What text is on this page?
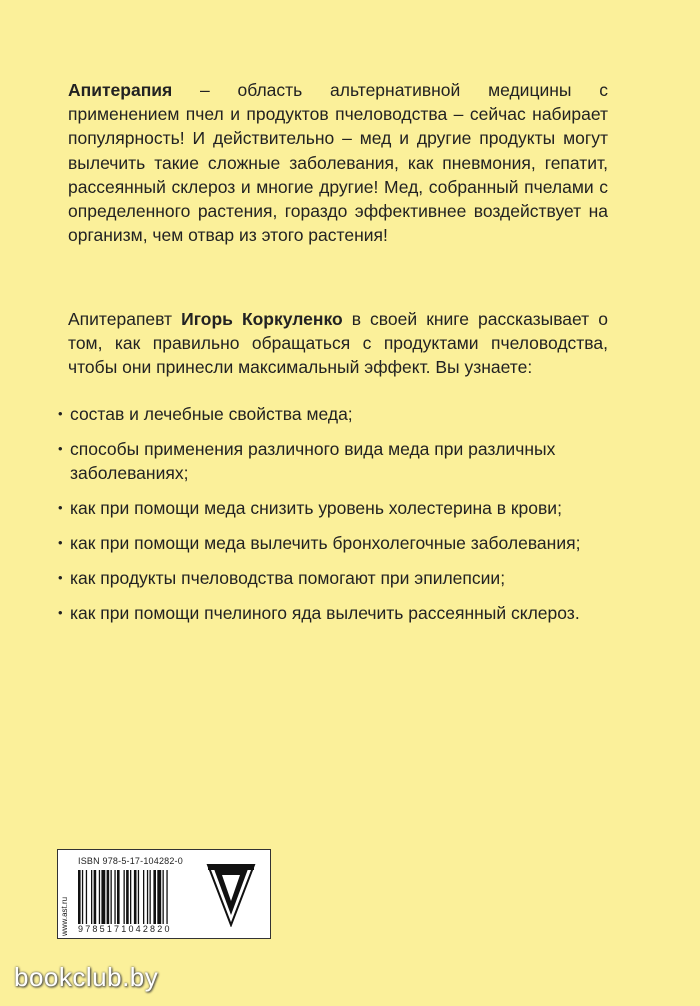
Апитерапия – область альтернативной медицины с применением пчел и продуктов пчеловодства – сейчас набирает популярность! И действительно – мед и другие продукты могут вылечить такие сложные заболевания, как пневмония, гепатит, рассеянный склероз и многие другие! Мед, собранный пчелами с определенного растения, гораздо эффективнее воздействует на организм, чем отвар из этого растения!

Апитерапевт Игорь Коркуленко в своей книге рассказывает о том, как правильно обращаться с продуктами пчеловодства, чтобы они принесли максимальный эффект. Вы узнаете:

• состав и лечебные свойства меда;
• способы применения различного вида меда при различных заболеваниях;
• как при помощи меда снизить уровень холестерина в крови;
• как при помощи меда вылечить бронхолегочные заболевания;
• как продукты пчеловодства помогают при эпилепсии;
• как при помощи пчелиного яда вылечить рассеянный склероз.
www.ast.ru
ISBN 978-5-17-104282-0
9785171042820
bookclub.by
